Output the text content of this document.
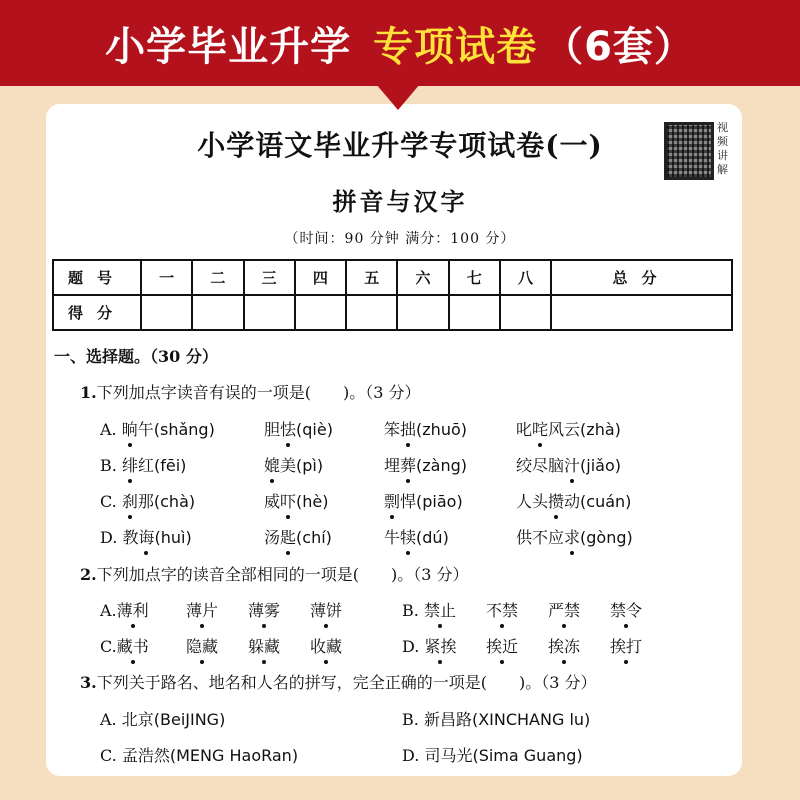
小学毕业升学 专项试卷 （6套）
视频讲解
小学语文毕业升学专项试卷(一)
拼音与汉字
（时间：90 分钟 满分：100 分）
题号	一	二	三	四	五	六	七	八	总分
得分									
一、选择题。（30 分）
1.下列加点字读音有误的一项是( )。（3 分）
A. 晌午(shǎng)	胆怯(qiè)	笨拙(zhuō)	叱咤风云(zhà)
B. 绯红(fēi)	媲美(pì)	埋葬(zàng)	绞尽脑汁(jiǎo)
C. 刹那(chà)	威吓(hè)	剽悍(piāo)	人头攒动(cuán)
D. 教诲(huì)	汤匙(chí)	牛犊(dú)	供不应求(gòng)
2.下列加点字的读音全部相同的一项是( )。（3 分）
A.薄利 薄片 薄雾 薄饼	B. 禁止 不禁 严禁 禁令
C.藏书 隐藏 躲藏 收藏	D. 紧挨 挨近 挨冻 挨打
3.下列关于路名、地名和人名的拼写，完全正确的一项是( )。（3 分）
A. 北京(BeiJING)	B. 新昌路(XINCHANG lu)
C. 孟浩然(MENG HaoRan)	D. 司马光(Sima Guang)
